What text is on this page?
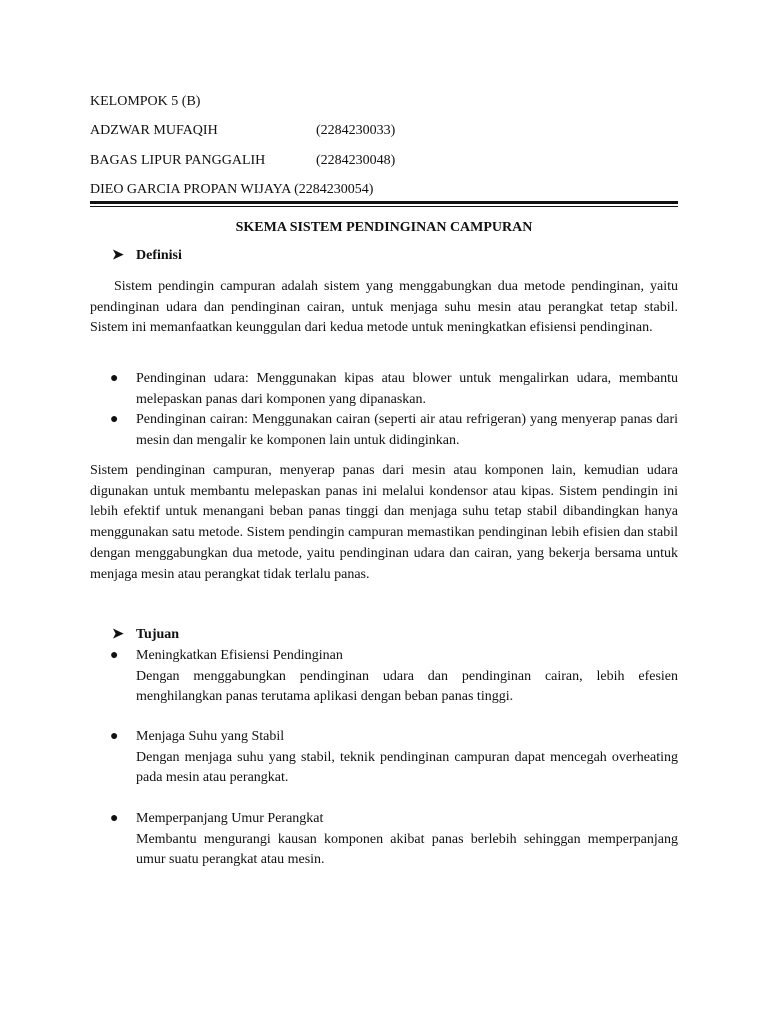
KELOMPOK 5 (B)
ADZWAR MUFAQIH	(2284230033)
BAGAS LIPUR PANGGALIH	(2284230048)
DIEO GARCIA PROPAN WIJAYA (2284230054)
SKEMA SISTEM PENDINGINAN CAMPURAN
➤ Definisi

Sistem pendingin campuran adalah sistem yang menggabungkan dua metode pendinginan, yaitu pendinginan udara dan pendinginan cairan, untuk menjaga suhu mesin atau perangkat tetap stabil. Sistem ini memanfaatkan keunggulan dari kedua metode untuk meningkatkan efisiensi pendinginan.

● Pendinginan udara: Menggunakan kipas atau blower untuk mengalirkan udara, membantu melepaskan panas dari komponen yang dipanaskan.
● Pendinginan cairan: Menggunakan cairan (seperti air atau refrigeran) yang menyerap panas dari mesin dan mengalir ke komponen lain untuk didinginkan.

Sistem pendinginan campuran, menyerap panas dari mesin atau komponen lain, kemudian udara digunakan untuk membantu melepaskan panas ini melalui kondensor atau kipas. Sistem pendingin ini lebih efektif untuk menangani beban panas tinggi dan menjaga suhu tetap stabil dibandingkan hanya menggunakan satu metode. Sistem pendingin campuran memastikan pendinginan lebih efisien dan stabil dengan menggabungkan dua metode, yaitu pendinginan udara dan cairan, yang bekerja bersama untuk menjaga mesin atau perangkat tidak terlalu panas.

➤ Tujuan
● Meningkatkan Efisiensi Pendinginan
Dengan menggabungkan pendinginan udara dan pendinginan cairan, lebih efesien menghilangkan panas terutama aplikasi dengan beban panas tinggi.
● Menjaga Suhu yang Stabil
Dengan menjaga suhu yang stabil, teknik pendinginan campuran dapat mencegah overheating pada mesin atau perangkat.
● Memperpanjang Umur Perangkat
Membantu mengurangi kausan komponen akibat panas berlebih sehinggan memperpanjang umur suatu perangkat atau mesin.
